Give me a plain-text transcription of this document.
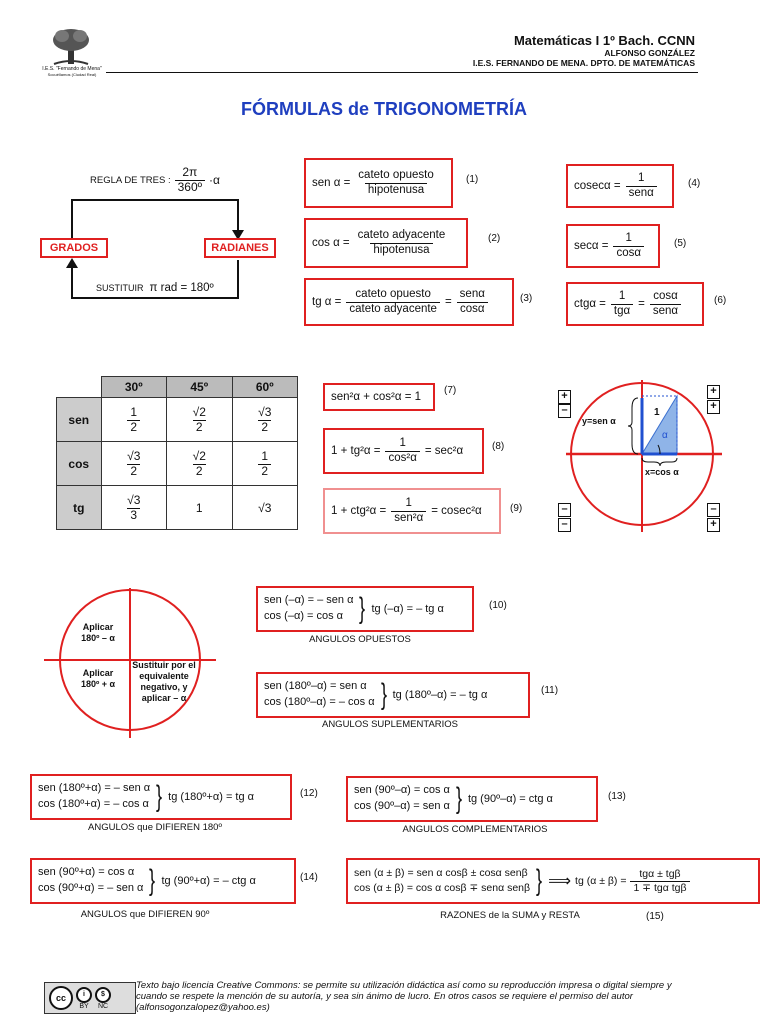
I.E.S. "Fernando de Mena"
Socuéllamos (Ciudad Real)
Matemáticas I 1º Bach. CCNN
ALFONSO GONZÁLEZ
I.E.S. FERNANDO DE MENA. DPTO. DE MATEMÁTICAS
FÓRMULAS de TRIGONOMETRÍA
REGLA DE TRES : $\frac{2\pi}{\text{360º}} \cdot\alpha$
GRADOS	RADIANES
SUSTITUIR π rad = 180º
sen $\alpha = \frac{\text{cateto opuesto}}{\text{hipotenusa}}$	(1)
$\cos \alpha = \frac{\text{cateto adyacente}}{\text{hipotenusa}}$	(2)
tg $\alpha = \frac{\text{cateto opuesto}}{\text{cateto adyacente}} = \frac{\text{senα}}{\cos\alpha}$	(3)
$cosec\alpha = \frac{1}{\text{senα}}$	(4)
$\sec\alpha = \frac{1}{\cos\alpha}$	(5)
$ctg\alpha = \frac{1}{\text{tgα}} = \frac{\cos\alpha}{\text{senα}}$	(6)
	30º	45º	60º
sen	$\frac{1}{2}$	$\frac{√2}{2}$	$\frac{√3}{2}$

cos	$\frac{√3}{2}$	$\frac{√2}{2}$	$\frac{1}{2}$

tg	$\frac{√3}{3}$	1	√3
sen²α + cos²α = 1
(7)
$1 + tg^2\alpha = \frac{1}{\text{cos²α}} = \sec^2\alpha$	(8)
$1 + ctg^2\alpha = \frac{1}{\text{sen²α}} = cosec^2\alpha$	(9)
1
α
y=sen α
x=cos α
+
–
+
+
–
–
–
+
Aplicar 180º – α
Aplicar 180º + α
Sustituir por el equivalente negativo, y aplicar – α
sen (–α) = – sen α
cos (–α) = cos α } tg (–α) = – tg α	(10)
ANGULOS OPUESTOS
sen (180º–α) = sen α
cos (180º–α) = – cos α } tg (180º–α) = – tg α	(11)
ANGULOS SUPLEMENTARIOS
sen (180º+α) = – sen α
cos (180º+α) = – cos α } tg (180º+α) = tg α	(12)
ANGULOS que DIFIEREN 180º
sen (90º–α) = cos α
cos (90º–α) = sen α } tg (90º–α) = ctg α	(13)
ANGULOS COMPLEMENTARIOS
sen (90º+α) = cos α
cos (90º+α) = – sen α } tg (90º+α) = – ctg α	(14)
ANGULOS que DIFIEREN 90º
sen (α ± β) = sen α cosβ ± cosα senβ
cos (α ± β) = cos α cosβ ∓ senα senβ } ⟹ tg $(\alpha \pm \beta) = \frac{\text{tgα ± tgβ}}{\text{1 ∓ tgα tgβ}}$
RAZONES de la SUMA y RESTA	(15)
cc	i
BY
$
NC
Texto bajo licencia Creative Commons: se permite su utilización didáctica así como su reproducción impresa o digital siempre y cuando se respete la mención de su autoría, y sea sin ánimo de lucro. En otros casos se requiere el permiso del autor (alfonsogonzalopez@yahoo.es)
